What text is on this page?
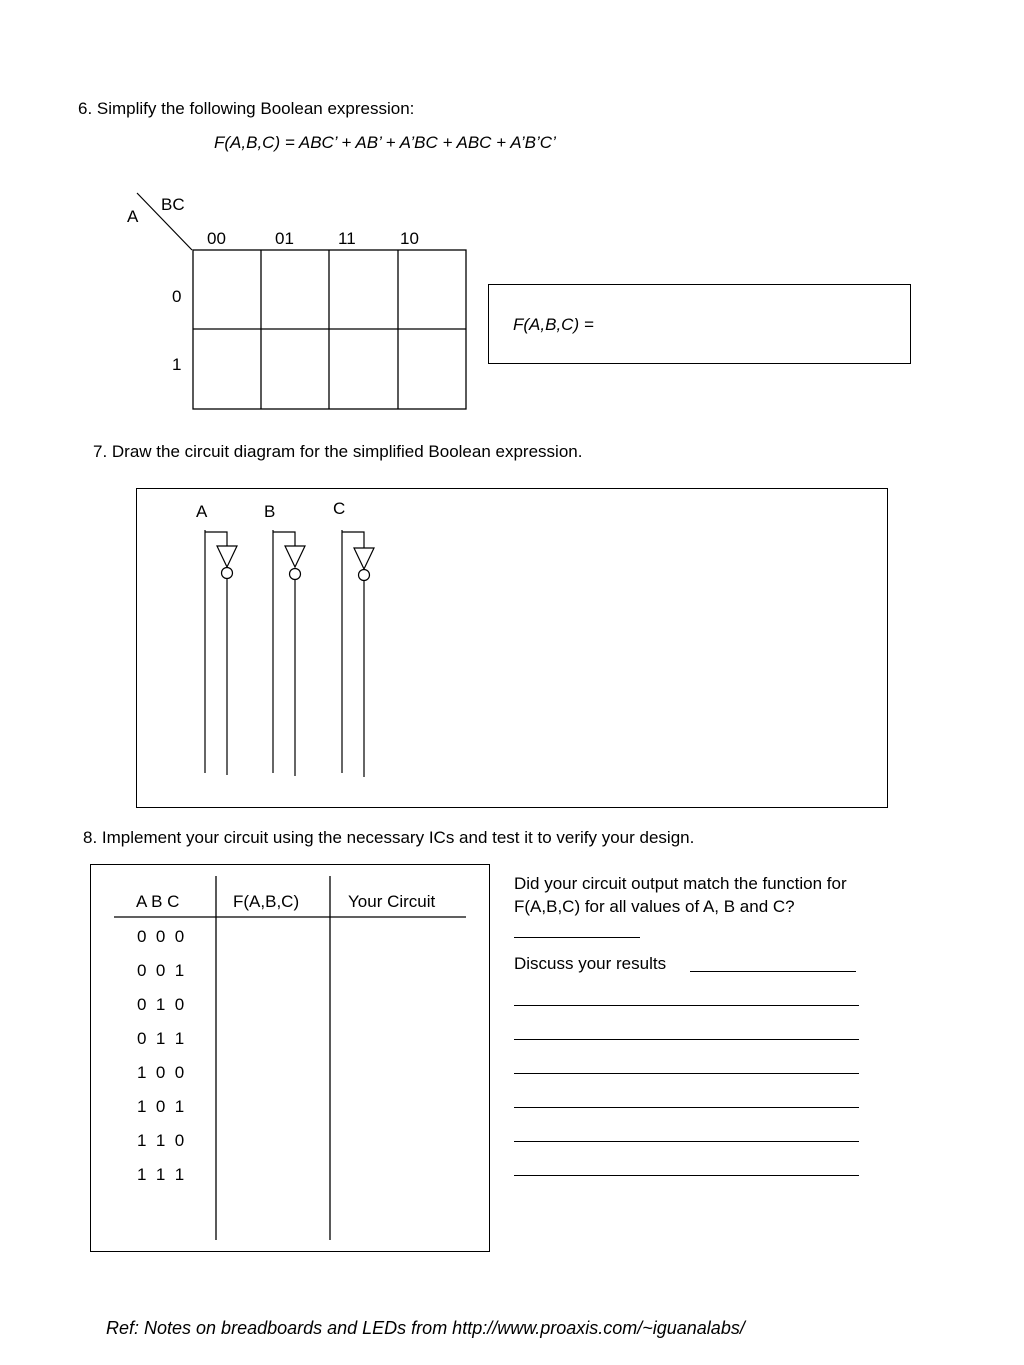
6. Simplify the following Boolean expression:
F(A,B,C) = ABC’ + AB’ + A’BC + ABC + A’B’C’
BC
A
00	01	11	10
0
1
F(A,B,C) =
7. Draw the circuit diagram for the simplified Boolean expression.
A	B	C
8. Implement your circuit using the necessary ICs and test it to verify your design.
A B C	F(A,B,C)	Your Circuit
0  0  0
0  0  1
0  1  0
0  1  1
1  0  0
1  0  1
1  1  0
1  1  1
Did your circuit output match the function for
F(A,B,C) for all values of A, B and C?
Discuss your results
Ref: Notes on breadboards and LEDs from http://www.proaxis.com/~iguanalabs/
